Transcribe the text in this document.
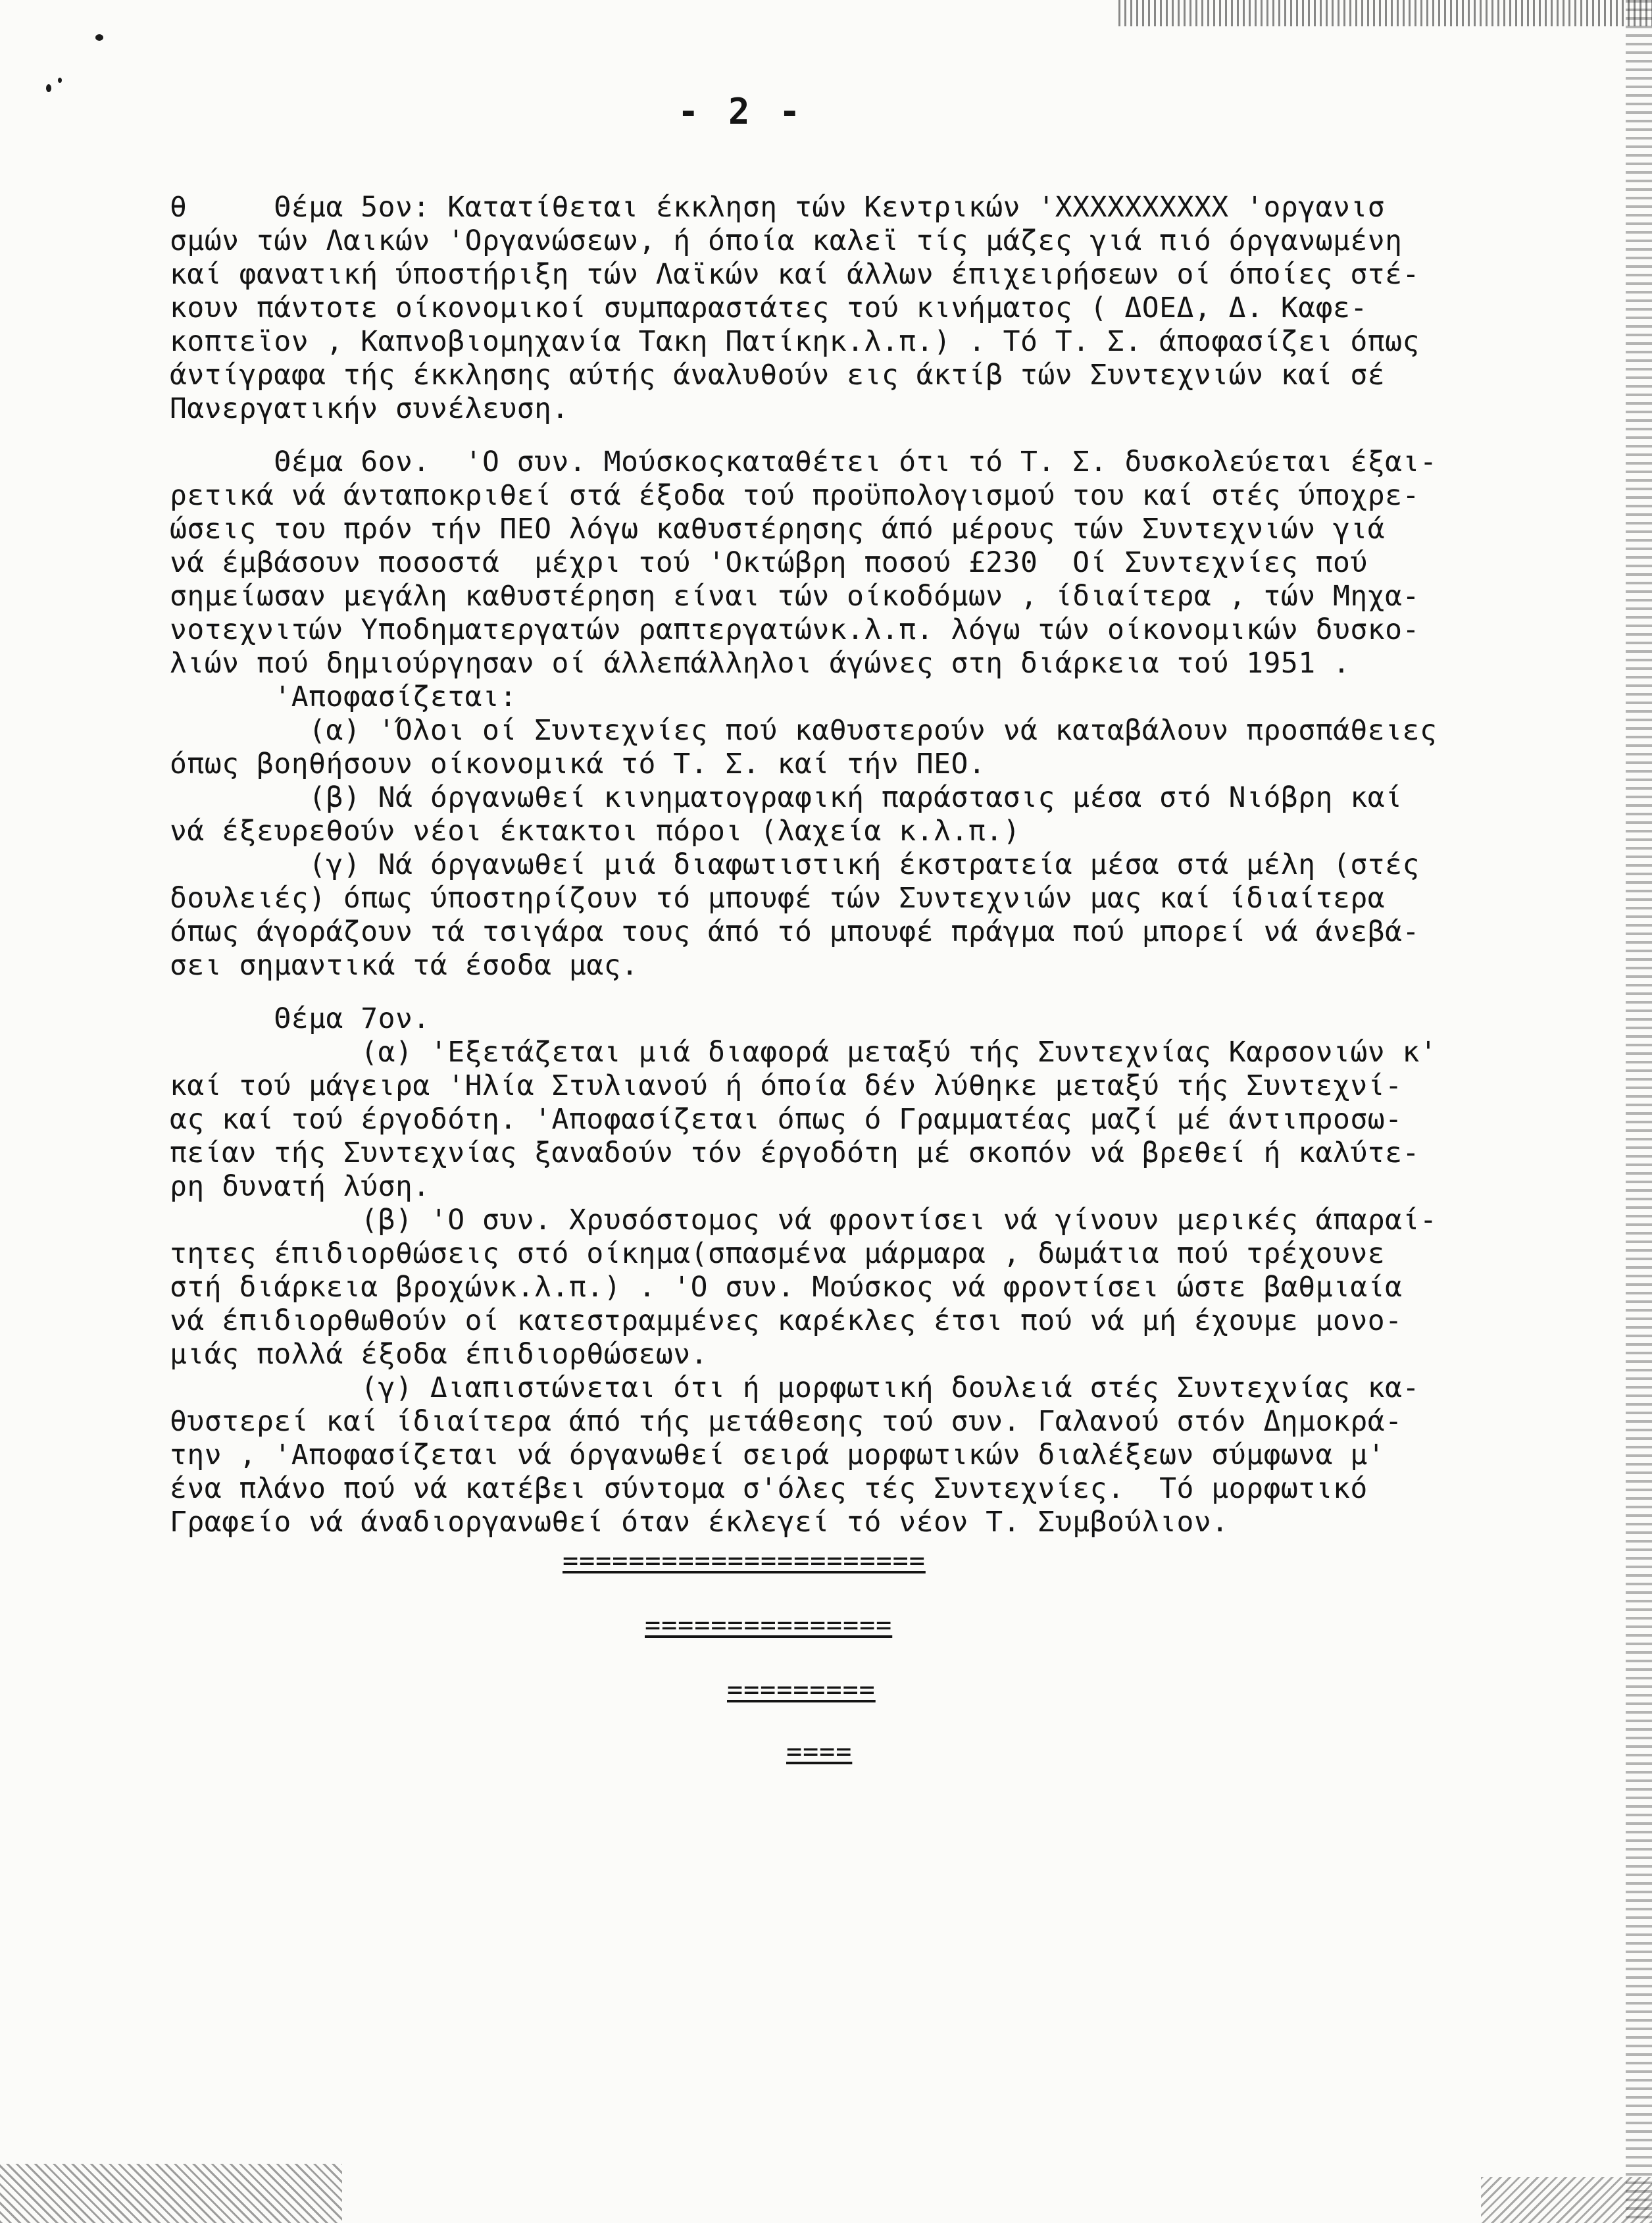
- 2 -
θ     Θέμα 5ον: Κατατίθεται έκκληση τών Κεντρικών 'XXXXXXXXXX 'οργανισ
σμών τών Λαικών 'Οργανώσεων, ή όποία καλεϊ τίς μάζες γιά πιό όργανωμένη
καί φανατική ύποστήριξη τών Λαϊκών καί άλλων έπιχειρήσεων οί όποίες στέ-
κουν πάντοτε οίκονομικοί συμπαραστάτες τού κινήματος ( ΔΟΕΔ, Δ. Καφε-
κοπτεϊον , Καπνοβιομηχανία Τακη Πατίκηκ.λ.π.) . Τό Τ. Σ. άποφασίζει όπως
άντίγραφα τής έκκλησης αύτής άναλυθούν εις άκτίβ τών Συντεχνιών καί σέ
Πανεργατικήν συνέλευση.
Θέμα 6ον.  'Ο συν. Μούσκοςκαταθέτει ότι τό Τ. Σ. δυσκολεύεται έξαι-
ρετικά νά άνταποκριθεί στά έξοδα τού προϋπολογισμού του καί στές ύποχρε-
ώσεις του πρόν τήν ΠΕΟ λόγω καθυστέρησης άπό μέρους τών Συντεχνιών γιά
νά έμβάσουν ποσοστά  μέχρι τού 'Οκτώβρη ποσού £230  Οί Συντεχνίες πού
σημείωσαν μεγάλη καθυστέρηση είναι τών οίκοδόμων , ίδιαίτερα , τών Μηχα-
νοτεχνιτών Υποδηματεργατών ραπτεργατώνκ.λ.π. λόγω τών οίκονομικών δυσκο-
λιών πού δημιούργησαν οί άλλεπάλληλοι άγώνες στη διάρκεια τού 1951 .
'Αποφασίζεται:
(α) 'Όλοι οί Συντεχνίες πού καθυστερούν νά καταβάλουν προσπάθειες
όπως βοηθήσουν οίκονομικά τό Τ. Σ. καί τήν ΠΕΟ.
(β) Νά όργανωθεί κινηματογραφική παράστασις μέσα στό Νιόβρη καί
νά έξευρεθούν νέοι έκτακτοι πόροι (λαχεία κ.λ.π.)
(γ) Νά όργανωθεί μιά διαφωτιστική έκστρατεία μέσα στά μέλη (στές
δουλειές) όπως ύποστηρίζουν τό μπουφέ τών Συντεχνιών μας καί ίδιαίτερα
όπως άγοράζουν τά τσιγάρα τους άπό τό μπουφέ πράγμα πού μπορεί νά άνεβά-
σει σημαντικά τά έσοδα μας.
Θέμα 7ον.
(α) 'Εξετάζεται μιά διαφορά μεταξύ τής Συντεχνίας Καρσονιών κ'
καί τού μάγειρα 'Ηλία Στυλιανού ή όποία δέν λύθηκε μεταξύ τής Συντεχνί-
ας καί τού έργοδότη. 'Αποφασίζεται όπως ό Γραμματέας μαζί μέ άντιπροσω-
πείαν τής Συντεχνίας ξαναδούν τόν έργοδότη μέ σκοπόν νά βρεθεί ή καλύτε-
ρη δυνατή λύση.
(β) 'Ο συν. Χρυσόστομος νά φροντίσει νά γίνουν μερικές άπαραί-
τητες έπιδιορθώσεις στό οίκημα(σπασμένα μάρμαρα , δωμάτια πού τρέχουνε
στή διάρκεια βροχώνκ.λ.π.) . 'Ο συν. Μούσκος νά φροντίσει ώστε βαθμιαία
νά έπιδιορθωθούν οί κατεστραμμένες καρέκλες έτσι πού νά μή έχουμε μονο-
μιάς πολλά έξοδα έπιδιορθώσεων.
(γ) Διαπιστώνεται ότι ή μορφωτική δουλειά στές Συντεχνίας κα-
θυστερεί καί ίδιαίτερα άπό τής μετάθεσης τού συν. Γαλανού στόν Δημοκρά-
την , 'Αποφασίζεται νά όργανωθεί σειρά μορφωτικών διαλέξεων σύμφωνα μ'
ένα πλάνο πού νά κατέβει σύντομα σ'όλες τές Συντεχνίες.  Τό μορφωτικό
Γραφείο νά άναδιοργανωθεί όταν έκλεγεί τό νέον Τ. Συμβούλιον.
======================
===============
=========
====
